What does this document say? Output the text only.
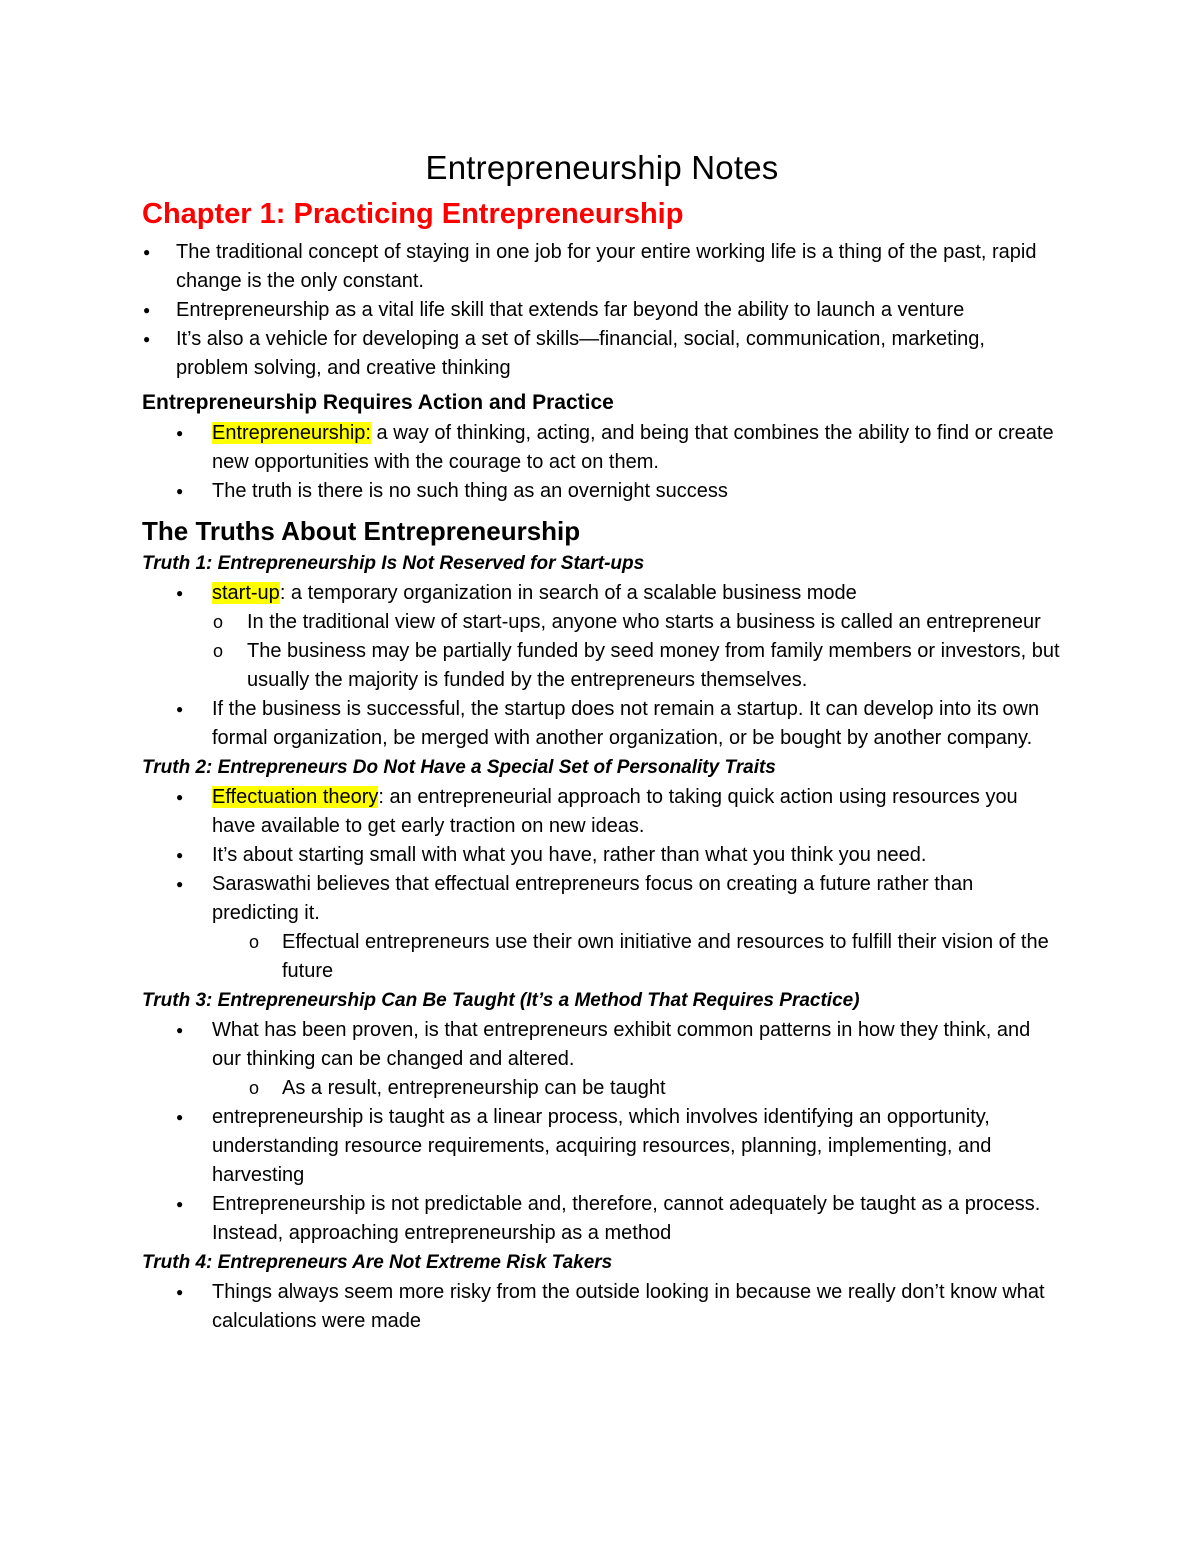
Entrepreneurship Notes
Chapter 1: Practicing Entrepreneurship
● The traditional concept of staying in one job for your entire working life is a thing of the past, rapid change is the only constant.
● Entrepreneurship as a vital life skill that extends far beyond the ability to launch a venture
● It’s also a vehicle for developing a set of skills—financial, social, communication, marketing, problem solving, and creative thinking
Entrepreneurship Requires Action and Practice
● Entrepreneurship: a way of thinking, acting, and being that combines the ability to find or create new opportunities with the courage to act on them.
● The truth is there is no such thing as an overnight success
The Truths About Entrepreneurship
Truth 1: Entrepreneurship Is Not Reserved for Start-ups
● start-up: a temporary organization in search of a scalable business mode
o In the traditional view of start-ups, anyone who starts a business is called an entrepreneur
o The business may be partially funded by seed money from family members or investors, but usually the majority is funded by the entrepreneurs themselves.
● If the business is successful, the startup does not remain a startup. It can develop into its own formal organization, be merged with another organization, or be bought by another company.
Truth 2: Entrepreneurs Do Not Have a Special Set of Personality Traits
● Effectuation theory: an entrepreneurial approach to taking quick action using resources you have available to get early traction on new ideas.
● It’s about starting small with what you have, rather than what you think you need.
● Saraswathi believes that effectual entrepreneurs focus on creating a future rather than predicting it.
o Effectual entrepreneurs use their own initiative and resources to fulfill their vision of the future
Truth 3: Entrepreneurship Can Be Taught (It’s a Method That Requires Practice)
● What has been proven, is that entrepreneurs exhibit common patterns in how they think, and our thinking can be changed and altered.
o As a result, entrepreneurship can be taught
● entrepreneurship is taught as a linear process, which involves identifying an opportunity, understanding resource requirements, acquiring resources, planning, implementing, and harvesting
● Entrepreneurship is not predictable and, therefore, cannot adequately be taught as a process. Instead, approaching entrepreneurship as a method
Truth 4: Entrepreneurs Are Not Extreme Risk Takers
● Things always seem more risky from the outside looking in because we really don’t know what calculations were made
